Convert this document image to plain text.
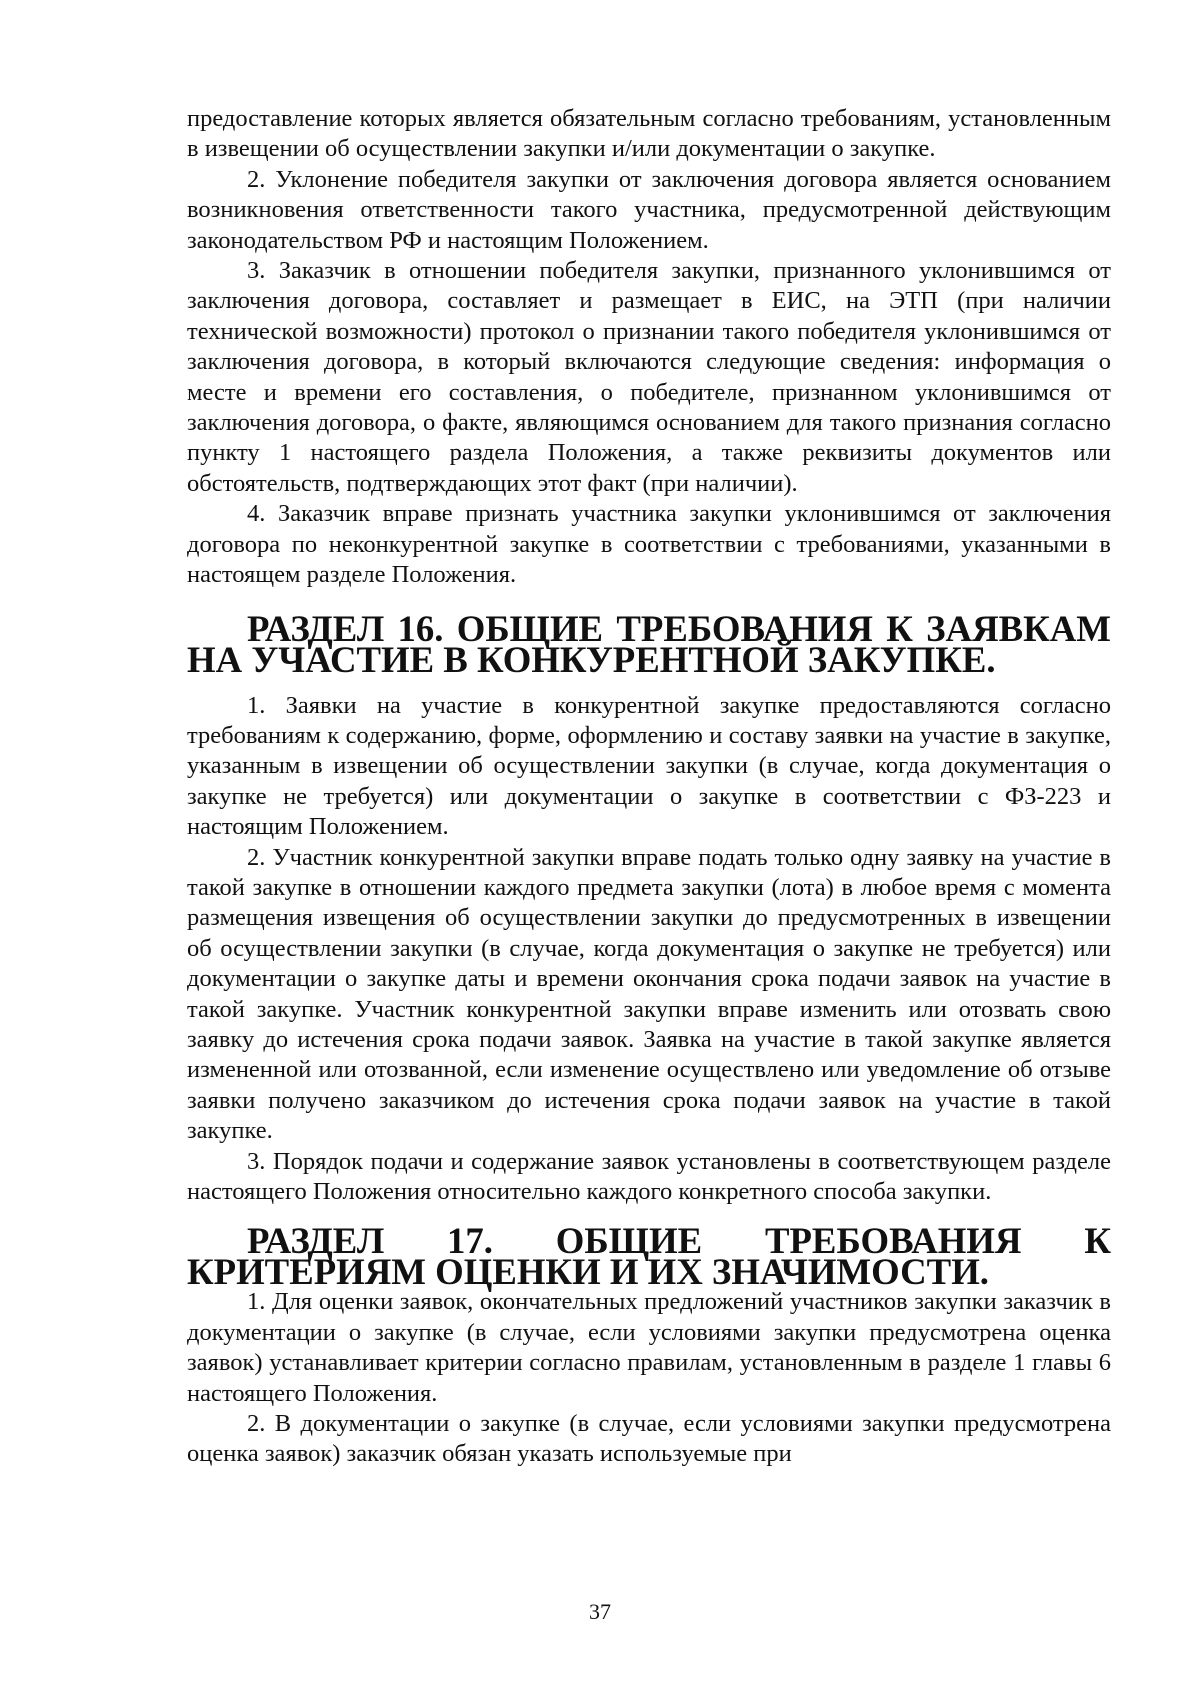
предоставление которых является обязательным согласно требованиям, установленным в извещении об осуществлении закупки и/или документации о закупке.

2. Уклонение победителя закупки от заключения договора является основанием возникновения ответственности такого участника, предусмотренной действующим законодательством РФ и настоящим Положением.

3. Заказчик в отношении победителя закупки, признанного уклонившимся от заключения договора, составляет и размещает в ЕИС, на ЭТП (при наличии технической возможности) протокол о признании такого победителя уклонившимся от заключения договора, в который включаются следующие сведения: информация о месте и времени его составления, о победителе, признанном уклонившимся от заключения договора, о факте, являющимся основанием для такого признания согласно пункту 1 настоящего раздела Положения, а также реквизиты документов или обстоятельств, подтверждающих этот факт (при наличии).

4. Заказчик вправе признать участника закупки уклонившимся от заключения договора по неконкурентной закупке в соответствии с требованиями, указанными в настоящем разделе Положения.

РАЗДЕЛ 16. ОБЩИЕ ТРЕБОВАНИЯ К ЗАЯВКАМ НА УЧАСТИЕ В КОНКУРЕНТНОЙ ЗАКУПКЕ.

1. Заявки на участие в конкурентной закупке предоставляются согласно требованиям к содержанию, форме, оформлению и составу заявки на участие в закупке, указанным в извещении об осуществлении закупки (в случае, когда документация о закупке не требуется) или документации о закупке в соответствии с ФЗ-223 и настоящим Положением.

2. Участник конкурентной закупки вправе подать только одну заявку на участие в такой закупке в отношении каждого предмета закупки (лота) в любое время с момента размещения извещения об осуществлении закупки до предусмотренных в извещении об осуществлении закупки (в случае, когда документация о закупке не требуется) или документации о закупке даты и времени окончания срока подачи заявок на участие в такой закупке. Участник конкурентной закупки вправе изменить или отозвать свою заявку до истечения срока подачи заявок. Заявка на участие в такой закупке является измененной или отозванной, если изменение осуществлено или уведомление об отзыве заявки получено заказчиком до истечения срока подачи заявок на участие в такой закупке.

3. Порядок подачи и содержание заявок установлены в соответствующем разделе настоящего Положения относительно каждого конкретного способа закупки.

РАЗДЕЛ 17. ОБЩИЕ ТРЕБОВАНИЯ К КРИТЕРИЯМ ОЦЕНКИ И ИХ ЗНАЧИМОСТИ.

1. Для оценки заявок, окончательных предложений участников закупки заказчик в документации о закупке (в случае, если условиями закупки предусмотрена оценка заявок) устанавливает критерии согласно правилам, установленным в разделе 1 главы 6 настоящего Положения.

2. В документации о закупке (в случае, если условиями закупки предусмотрена оценка заявок) заказчик обязан указать используемые при

37
